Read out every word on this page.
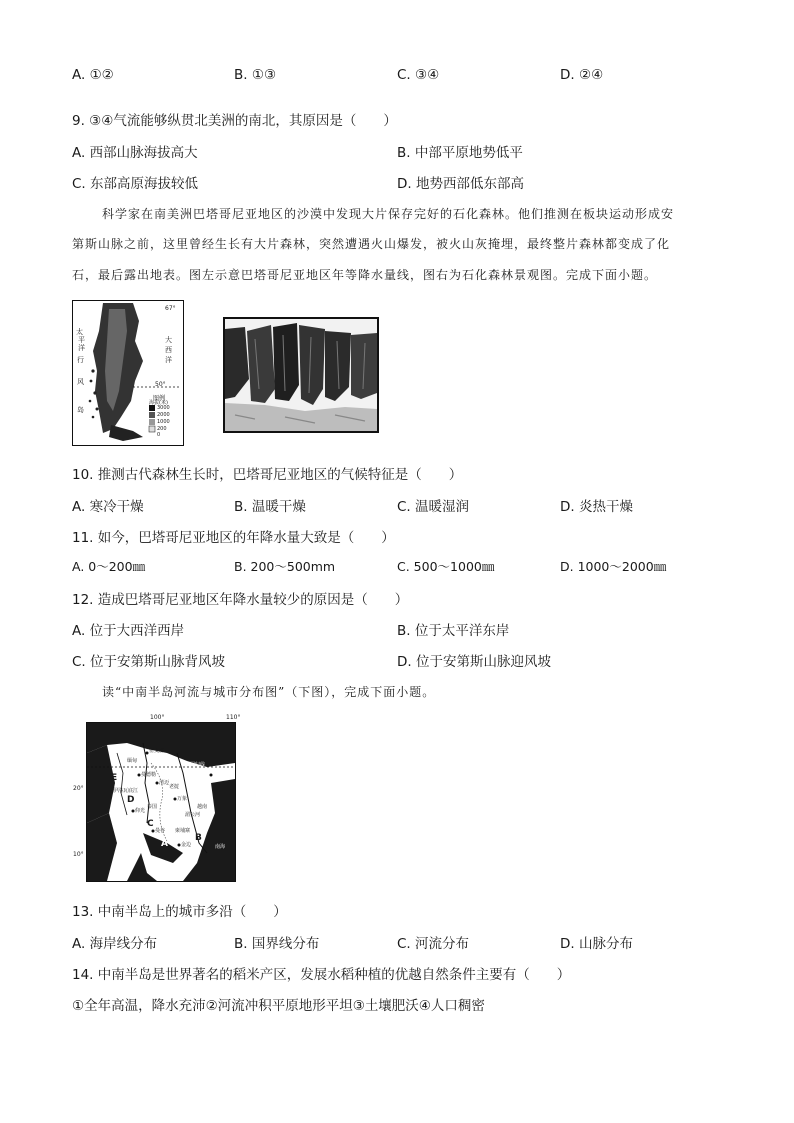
A. ①②	B. ①③	C. ③④	D. ②④
9. ③④气流能够纵贯北美洲的南北，其原因是（　　）
A. 西部山脉海拔高大	B. 中部平原地势低平
C. 东部高原海拔较低	D. 地势西部低东部高
科学家在南美洲巴塔哥尼亚地区的沙漠中发现大片保存完好的石化森林。他们推测在板块运动形成安
第斯山脉之前，这里曾经生长有大片森林，突然遭遇火山爆发，被火山灰掩埋，最终整片森林都变成了化
石，最后露出地表。图左示意巴塔哥尼亚地区年等降水量线，图右为石化森林景观图。完成下面小题。
太
平
洋
行
风
岛
大
西
洋
50°
图例
海拔(米)
3000
2000
1000
200
0
67°
10. 推测古代森林生长时，巴塔哥尼亚地区的气候特征是（　　）
A. 寒冷干燥	B. 温暖干燥	C. 温暖湿润	D. 炎热干燥
11. 如今，巴塔哥尼亚地区的年降水量大致是（　　）
A. 0～200㎜	B. 200～500mm	C. 500～1000㎜	D. 1000～2000㎜
12. 造成巴塔哥尼亚地区年降水量较少的原因是（　　）
A. 位于大西洋西岸	B. 位于太平洋东岸
C. 位于安第斯山脉背风坡	D. 位于安第斯山脉迎风坡
读“中南半岛河流与城市分布图”（下图），完成下面小题。
100°	110°
20°
10°
北回归线
E
D
C
A
B
密支那
曼德勒
仰光
河内
万象
曼谷
金边
清迈
湄公河
伊洛瓦底江
缅甸
老挝
泰国	越南
柬埔寨
南海
13. 中南半岛上的城市多沿（　　）
A. 海岸线分布	B. 国界线分布	C. 河流分布	D. 山脉分布
14. 中南半岛是世界著名的稻米产区，发展水稻种植的优越自然条件主要有（　　）
①全年高温，降水充沛②河流冲积平原地形平坦③土壤肥沃④人口稠密
